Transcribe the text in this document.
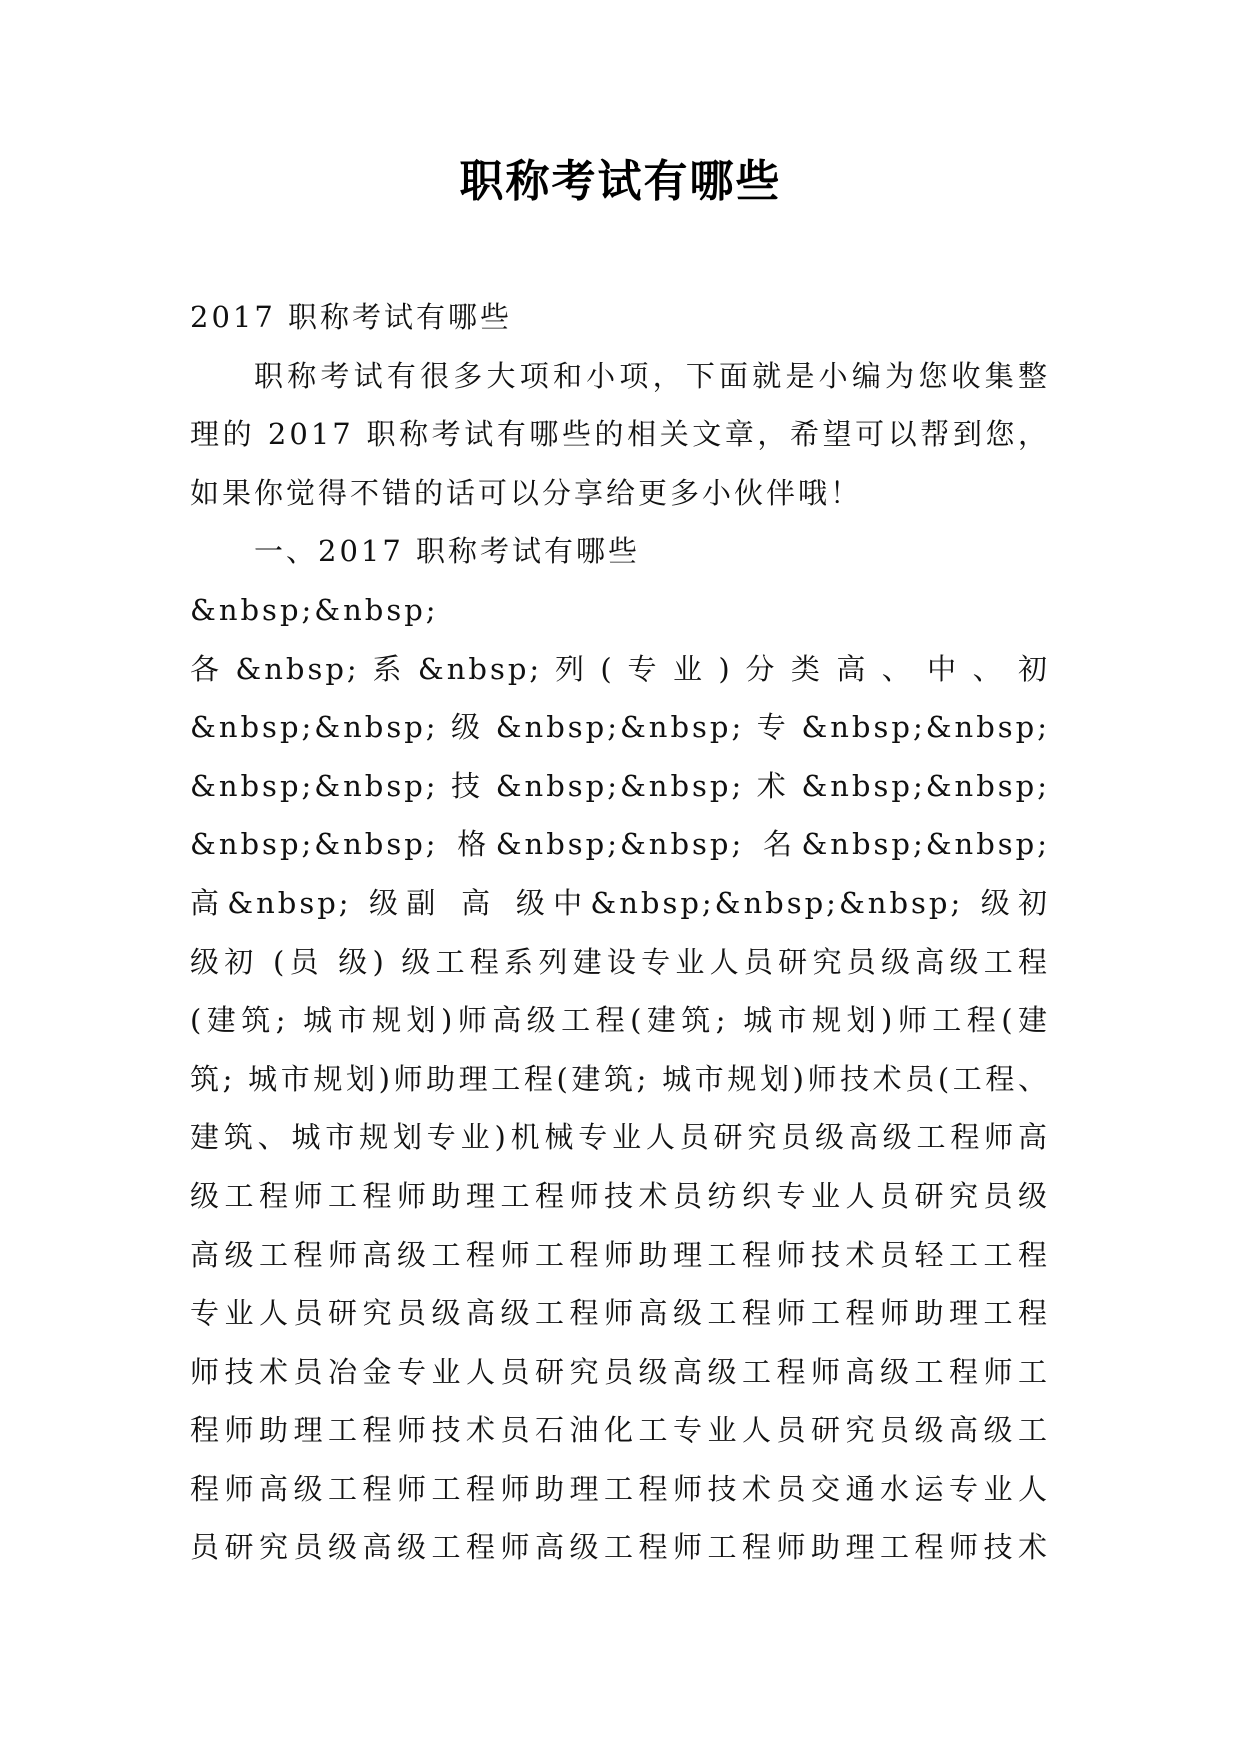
职称考试有哪些
2017 职称考试有哪些
职称考试有很多大项和小项，下面就是小编为您收集整
理的 2017 职称考试有哪些的相关文章，希望可以帮到您，
如果你觉得不错的话可以分享给更多小伙伴哦！
一、2017 职称考试有哪些
&nbsp;&nbsp;
各 &nbsp; 系 &nbsp; 列 ( 专 业 ) 分 类 高 、 中 、 初
&nbsp;&nbsp; 级 &nbsp;&nbsp; 专 &nbsp;&nbsp;
&nbsp;&nbsp; 技 &nbsp;&nbsp; 术 &nbsp;&nbsp;
&nbsp;&nbsp; 格&nbsp;&nbsp; 名&nbsp;&nbsp;
高&nbsp; 级副 高 级中&nbsp;&nbsp;&nbsp; 级初
级初 (员 级) 级工程系列建设专业人员研究员级高级工程
(建筑; 城市规划)师高级工程(建筑; 城市规划)师工程(建
筑; 城市规划)师助理工程(建筑; 城市规划)师技术员(工程、
建筑、城市规划专业)机械专业人员研究员级高级工程师高
级工程师工程师助理工程师技术员纺织专业人员研究员级
高级工程师高级工程师工程师助理工程师技术员轻工工程
专业人员研究员级高级工程师高级工程师工程师助理工程
师技术员冶金专业人员研究员级高级工程师高级工程师工
程师助理工程师技术员石油化工专业人员研究员级高级工
程师高级工程师工程师助理工程师技术员交通水运专业人
员研究员级高级工程师高级工程师工程师助理工程师技术
